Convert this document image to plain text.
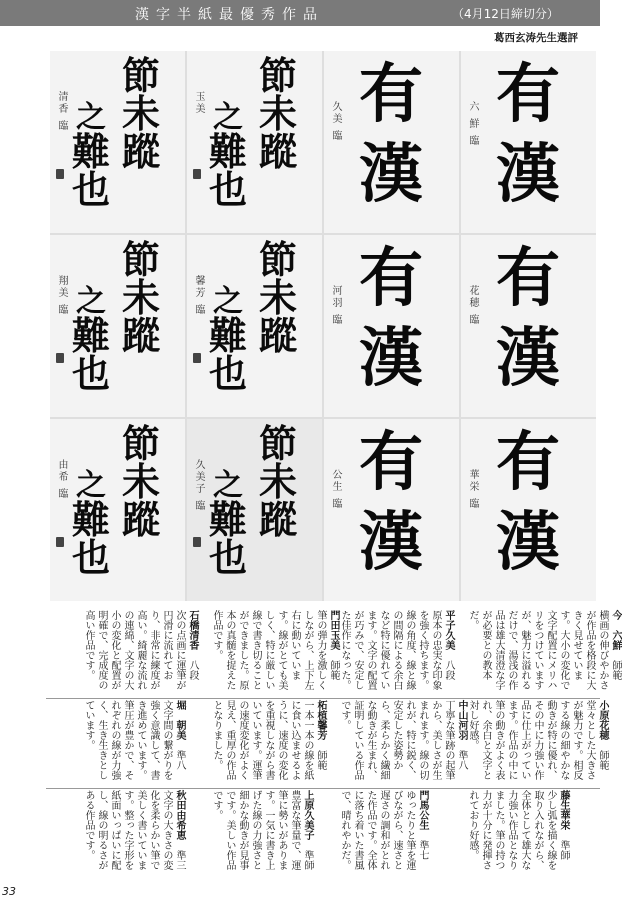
漢字半紙最優秀作品	（4月12日締切分）
葛西玄涛先生選評
節
未
蹤
之
難
也
清香 臨
節
未
蹤
之
難
也
玉美	有
漢
久美 臨	有
漢
六 鮮 臨
節
未
蹤
之
難
也
翔美 臨
節
未
蹤
之
難
也
馨芳 臨	有
漢
河羽 臨	有
漢
花穂 臨
節
未
蹤
之
難
也
由希 臨
節
未
蹤
之
難
也
久美子 臨	有
漢
公生 臨	有
漢
華栄 臨
今　六鮮　師範　横画の伸びやかさが作品を格段に大きく見せています。大小の変化で文字配置にメリハリをつけていますが、魅力に溢れるだけで、湯浅の作品は雄大清澄な字が必要との教本だ。
平子久美　八段　原本の忠実な印象を強く持ちます。線の角度、線と線の間隔による余白など特に優れています。文字の配置が巧みで、安定した佳作になった。
門田玉美　師範　筆の弾力を激しくしながら、上下左右に動いています。線がとても美しく、特に厳しい線で書き切ることができました。原本の真髄を捉えた作品です。
石橋清香　八段　次の点画に運筆が円滑に流れており、非常に練度が高い。綺麗な流れの連綿、文字の大小の変化と配置が明確で、完成度の高い作品です。
小原花穂　師範　堂々とした大きさが魅力です。相反する線の細やかな動きが特に優れ、その中に力強い作品に仕上がっています。作品の中に筆の動きがよく表れ、余白と文字と対し好感。
中山河羽　準八　丁寧な筆跡の起筆から、美しさが生まれます。線の切れが、特に鋭く、安定した姿勢から、柔らかく繊細な動きが生まれ、証明している作品です。
柘植馨芳　師範　一本一本の線を紙に食い込ませるように、速度の変化を重視しながら書いています。運筆の速度変化がよく見え、重厚の作品となりました。
堀　朝美　準八　文字間の繋がりを強く意識して、書き進めています。筆圧が豊かで、それぞれの線が力強く、生き生きとしています。
藤生華栄　準師　少し弧を描く線を取り入れながら、全体として雄大な力強い作品となりました。筆の持つ力が十分に発揮されており好感。
門馬公生　準七　ゆったりと筆を運びながら、速さと遅さの調和がとれた作品です。全体に落ち着いた書風で、晴れやかだ。
上原久美子　準師　豊富な筆量で、運筆に勢いがあります。一気に書き上げた線の力強さと細かな動きが見事です。美しい作品です。
秋田由希恵　準三　文字の大きさの変化を柔らかい筆で美しく書いています。整った字形を紙面いっぱいに配し、線の明るさがある作品です。
33
